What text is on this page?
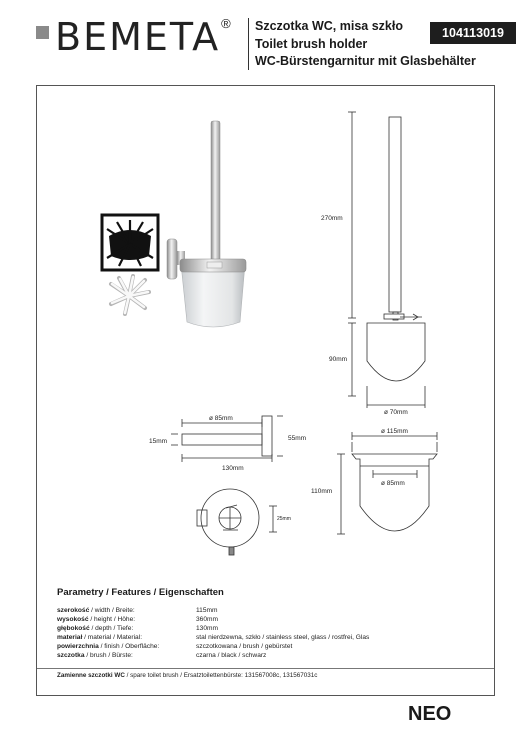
BEMETA ® Szczotka WC, misa szkło
Toilet brush holder
WC-Bürstengarnitur mit Glasbehälter
104113019
270mm
90mm
ø 70mm
ø 85mm
15mm	55mm
130mm
25mm
ø 115mm
ø 85mm
110mm
Parametry / Features / Eigenschaften
szerokość / width / Breite:	115mm
wysokość / height / Höhe:	360mm
głębokość / depth / Tiefe:	130mm
materiał / material / Material:	stal nierdzewna, szkło / stainless steel, glass / rostfrei, Glas
powierzchnia / finish / Oberfläche:	szczotkowana / brush / gebürstet
szczotka / brush / Bürste:	czarna / black / schwarz
Zamienne szczotki WC / spare toilet brush / Ersatztoilettenbürste: 131567008c, 131567031c
NEO
